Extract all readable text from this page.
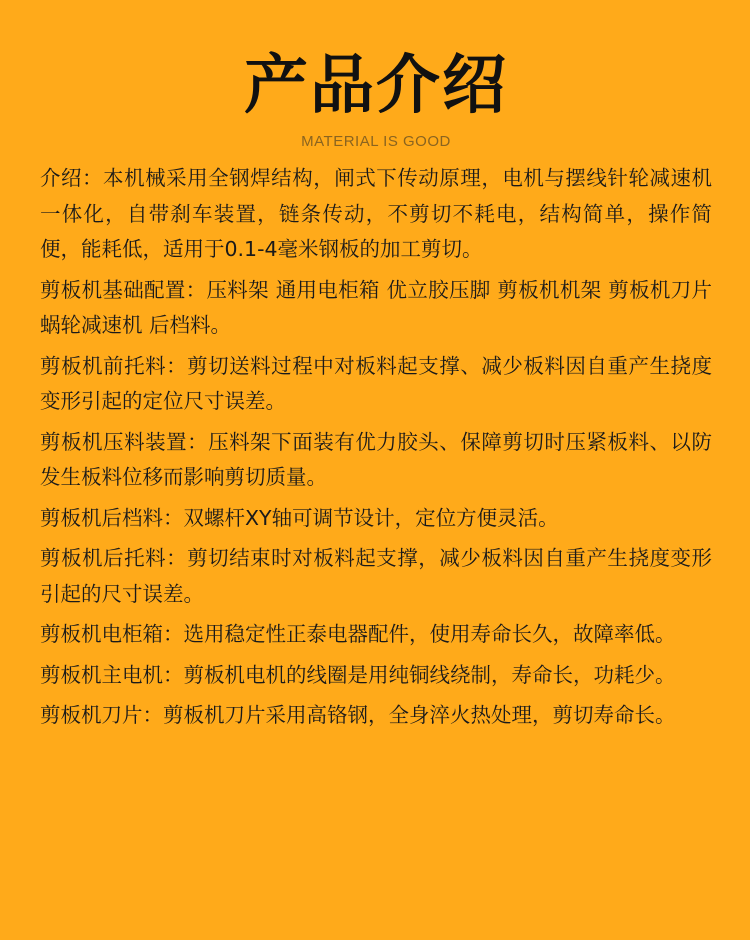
产品介绍
MATERIAL IS GOOD

介绍：本机械采用全钢焊结构，闸式下传动原理，电机与摆线针轮减速机一体化，自带刹车装置，链条传动，不剪切不耗电，结构简单，操作简便，能耗低，适用于0.1-4毫米钢板的加工剪切。

剪板机基础配置：压料架 通用电柜箱 优立胶压脚 剪板机机架 剪板机刀片 蜗轮减速机 后档料。

剪板机前托料：剪切送料过程中对板料起支撑、减少板料因自重产生挠度变形引起的定位尺寸误差。

剪板机压料装置：压料架下面装有优力胶头、保障剪切时压紧板料、以防发生板料位移而影响剪切质量。

剪板机后档料：双螺杆XY轴可调节设计，定位方便灵活。

剪板机后托料：剪切结束时对板料起支撑，减少板料因自重产生挠度变形引起的尺寸误差。

剪板机电柜箱：选用稳定性正泰电器配件，使用寿命长久，故障率低。

剪板机主电机：剪板机电机的线圈是用纯铜线绕制，寿命长，功耗少。

剪板机刀片：剪板机刀片采用高铬钢，全身淬火热处理，剪切寿命长。
